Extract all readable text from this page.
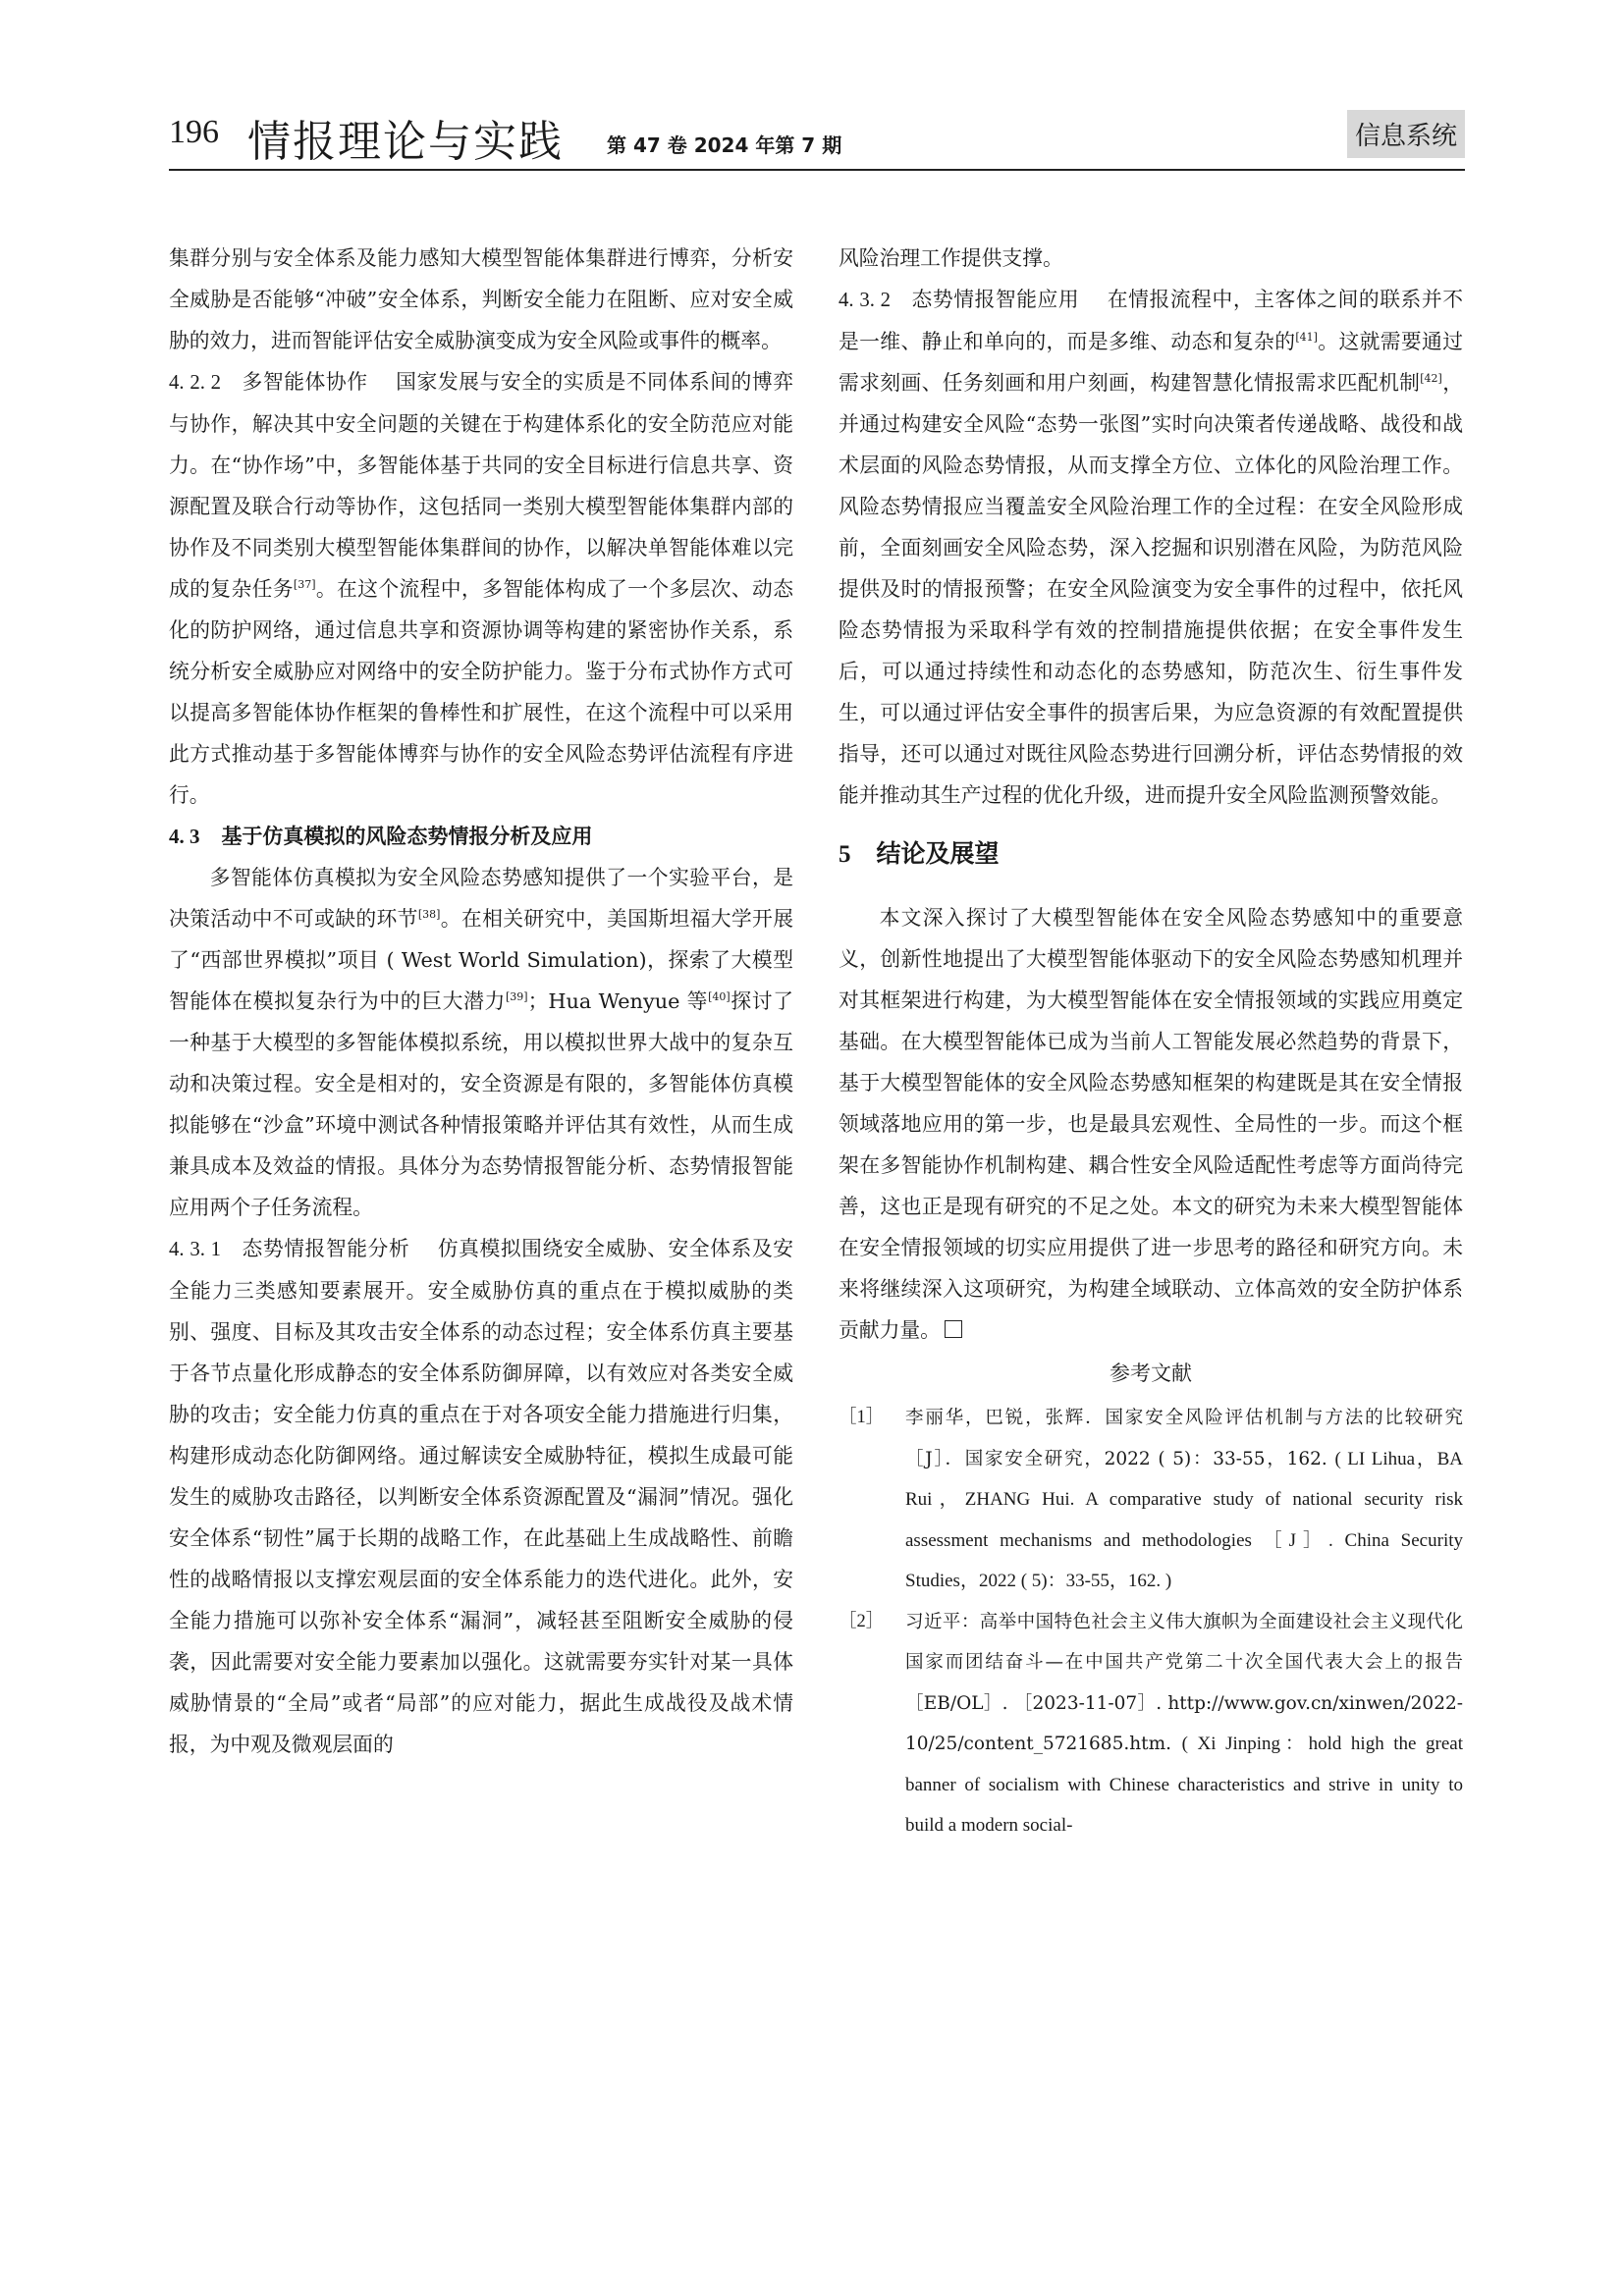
196 情报理论与实践 第 47 卷 2024 年第 7 期	信息系统

集群分别与安全体系及能力感知大模型智能体集群进行博弈，分析安全威胁是否能够“冲破”安全体系，判断安全能力在阻断、应对安全威胁的效力，进而智能评估安全威胁演变成为安全风险或事件的概率。

4. 2. 2 多智能体协作 国家发展与安全的实质是不同体系间的博弈与协作，解决其中安全问题的关键在于构建体系化的安全防范应对能力。在“协作场”中，多智能体基于共同的安全目标进行信息共享、资源配置及联合行动等协作，这包括同一类别大模型智能体集群内部的协作及不同类别大模型智能体集群间的协作，以解决单智能体难以完成的复杂任务[37]。在这个流程中，多智能体构成了一个多层次、动态化的防护网络，通过信息共享和资源协调等构建的紧密协作关系，系统分析安全威胁应对网络中的安全防护能力。鉴于分布式协作方式可以提高多智能体协作框架的鲁棒性和扩展性，在这个流程中可以采用此方式推动基于多智能体博弈与协作的安全风险态势评估流程有序进行。

4. 3 基于仿真模拟的风险态势情报分析及应用

多智能体仿真模拟为安全风险态势感知提供了一个实验平台，是决策活动中不可或缺的环节[38]。在相关研究中，美国斯坦福大学开展了“西部世界模拟”项目 ( West World Simulation)，探索了大模型智能体在模拟复杂行为中的巨大潜力[39]；Hua Wenyue 等[40]探讨了一种基于大模型的多智能体模拟系统，用以模拟世界大战中的复杂互动和决策过程。安全是相对的，安全资源是有限的，多智能体仿真模拟能够在“沙盒”环境中测试各种情报策略并评估其有效性，从而生成兼具成本及效益的情报。具体分为态势情报智能分析、态势情报智能应用两个子任务流程。

4. 3. 1 态势情报智能分析 仿真模拟围绕安全威胁、安全体系及安全能力三类感知要素展开。安全威胁仿真的重点在于模拟威胁的类别、强度、目标及其攻击安全体系的动态过程；安全体系仿真主要基于各节点量化形成静态的安全体系防御屏障，以有效应对各类安全威胁的攻击；安全能力仿真的重点在于对各项安全能力措施进行归集，构建形成动态化防御网络。通过解读安全威胁特征，模拟生成最可能发生的威胁攻击路径，以判断安全体系资源配置及“漏洞”情况。强化安全体系“韧性”属于长期的战略工作，在此基础上生成战略性、前瞻性的战略情报以支撑宏观层面的安全体系能力的迭代进化。此外，安全能力措施可以弥补安全体系“漏洞”，减轻甚至阻断安全威胁的侵袭，因此需要对安全能力要素加以强化。这就需要夯实针对某一具体威胁情景的“全局”或者“局部”的应对能力，据此生成战役及战术情报，为中观及微观层面的

风险治理工作提供支撑。

4. 3. 2 态势情报智能应用 在情报流程中，主客体之间的联系并不是一维、静止和单向的，而是多维、动态和复杂的[41]。这就需要通过需求刻画、任务刻画和用户刻画，构建智慧化情报需求匹配机制[42]，并通过构建安全风险“态势一张图”实时向决策者传递战略、战役和战术层面的风险态势情报，从而支撑全方位、立体化的风险治理工作。风险态势情报应当覆盖安全风险治理工作的全过程：在安全风险形成前，全面刻画安全风险态势，深入挖掘和识别潜在风险，为防范风险提供及时的情报预警；在安全风险演变为安全事件的过程中，依托风险态势情报为采取科学有效的控制措施提供依据；在安全事件发生后，可以通过持续性和动态化的态势感知，防范次生、衍生事件发生，可以通过评估安全事件的损害后果，为应急资源的有效配置提供指导，还可以通过对既往风险态势进行回溯分析，评估态势情报的效能并推动其生产过程的优化升级，进而提升安全风险监测预警效能。

5 结论及展望

本文深入探讨了大模型智能体在安全风险态势感知中的重要意义，创新性地提出了大模型智能体驱动下的安全风险态势感知机理并对其框架进行构建，为大模型智能体在安全情报领域的实践应用奠定基础。在大模型智能体已成为当前人工智能发展必然趋势的背景下，基于大模型智能体的安全风险态势感知框架的构建既是其在安全情报领域落地应用的第一步，也是最具宏观性、全局性的一步。而这个框架在多智能协作机制构建、耦合性安全风险适配性考虑等方面尚待完善，这也正是现有研究的不足之处。本文的研究为未来大模型智能体在安全情报领域的切实应用提供了进一步思考的路径和研究方向。未来将继续深入这项研究，为构建全域联动、立体高效的安全防护体系贡献力量。

参考文献

［1］ 李丽华，巴锐，张辉．国家安全风险评估机制与方法的比较研究 ［J］．国家安全研究，2022 ( 5)：33-55，162. ( LI Lihua，BA Rui，ZHANG Hui. A comparative study of national security risk assessment mechanisms and methodologies ［J］. China Security Studies，2022 ( 5)：33-55，162. )
［2］ 习近平：高举中国特色社会主义伟大旗帜为全面建设社会主义现代化国家而团结奋斗—在中国共产党第二十次全国代表大会上的报告 ［EB/OL］. ［2023-11-07］. http://www.gov.cn/xinwen/2022-10/25/content_5721685.htm. ( Xi Jinping：hold high the great banner of socialism with Chinese characteristics and strive in unity to build a modern social-
